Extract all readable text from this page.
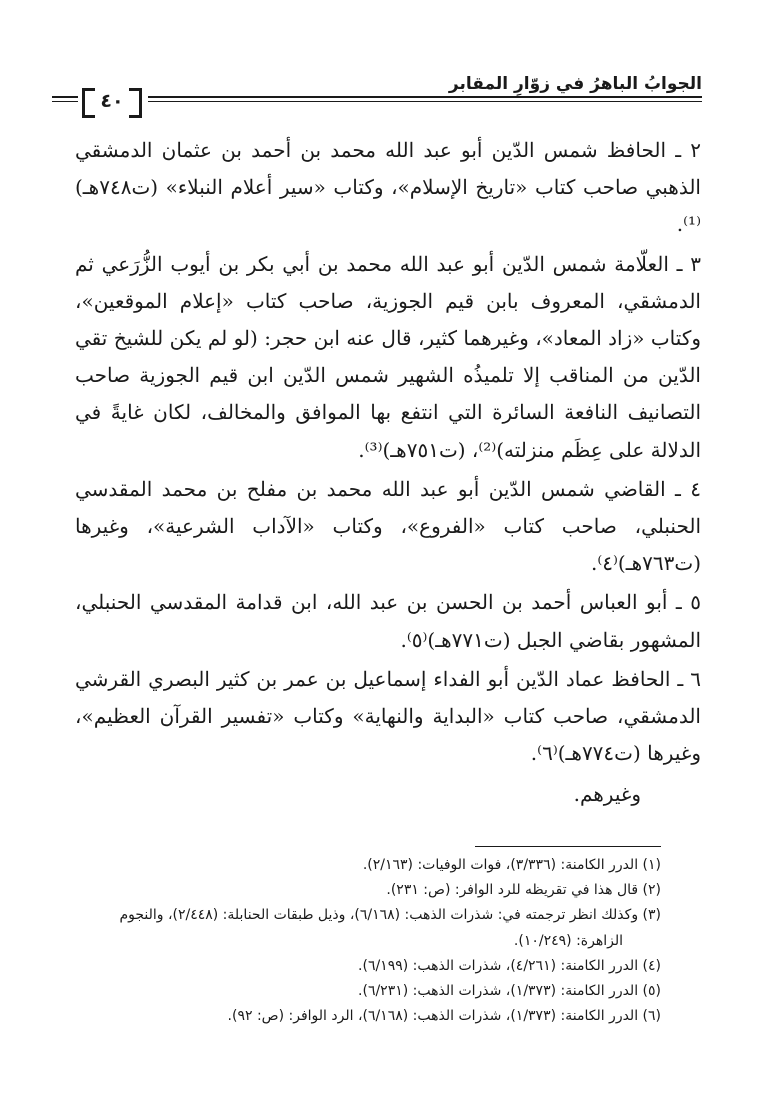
الجوابُ الباهرُ في زوّارِ المقابر
٤٠

٢ ـ الحافظ شمس الدّين أبو عبد الله محمد بن أحمد بن عثمان الدمشقي الذهبي صاحب كتاب «تاريخ الإسلام»، وكتاب «سير أعلام النبلاء» (ت٧٤٨هـ)⁽¹⁾.

٣ ـ العلّامة شمس الدّين أبو عبد الله محمد بن أبي بكر بن أيوب الزُّرَعي ثم الدمشقي، المعروف بابن قيم الجوزية، صاحب كتاب «إعلام الموقعين»، وكتاب «زاد المعاد»، وغيرهما كثير، قال عنه ابن حجر: (لو لم يكن للشيخ تقي الدّين من المناقب إلا تلميذُه الشهير شمس الدّين ابن قيم الجوزية صاحب التصانيف النافعة السائرة التي انتفع بها الموافق والمخالف، لكان غايةً في الدلالة على عِظَم منزلته)⁽²⁾، (ت٧٥١هـ)⁽³⁾.

٤ ـ القاضي شمس الدّين أبو عبد الله محمد بن مفلح بن محمد المقدسي الحنبلي، صاحب كتاب «الفروع»، وكتاب «الآداب الشرعية»، وغيرها (ت٧٦٣هـ)⁽٤⁾.

٥ ـ أبو العباس أحمد بن الحسن بن عبد الله، ابن قدامة المقدسي الحنبلي، المشهور بقاضي الجبل (ت٧٧١هـ)⁽٥⁾.

٦ ـ الحافظ عماد الدّين أبو الفداء إسماعيل بن عمر بن كثير البصري القرشي الدمشقي، صاحب كتاب «البداية والنهاية» وكتاب «تفسير القرآن العظيم»، وغيرها (ت٧٧٤هـ)⁽٦⁾.

وغيرهم.

(١) الدرر الكامنة: (٣/٣٣٦)، فوات الوفيات: (٢/١٦٣).

(٢) قال هذا في تقريظه للرد الوافر: (ص: ٢٣١).

(٣) وكذلك انظر ترجمته في: شذرات الذهب: (٦/١٦٨)، وذيل طبقات الحنابلة: (٢/٤٤٨)، والنجوم الزاهرة: (١٠/٢٤٩).

(٤) الدرر الكامنة: (٤/٢٦١)، شذرات الذهب: (٦/١٩٩).

(٥) الدرر الكامنة: (١/٣٧٣)، شذرات الذهب: (٦/٢٣١).

(٦) الدرر الكامنة: (١/٣٧٣)، شذرات الذهب: (٦/١٦٨)، الرد الوافر: (ص: ٩٢).
